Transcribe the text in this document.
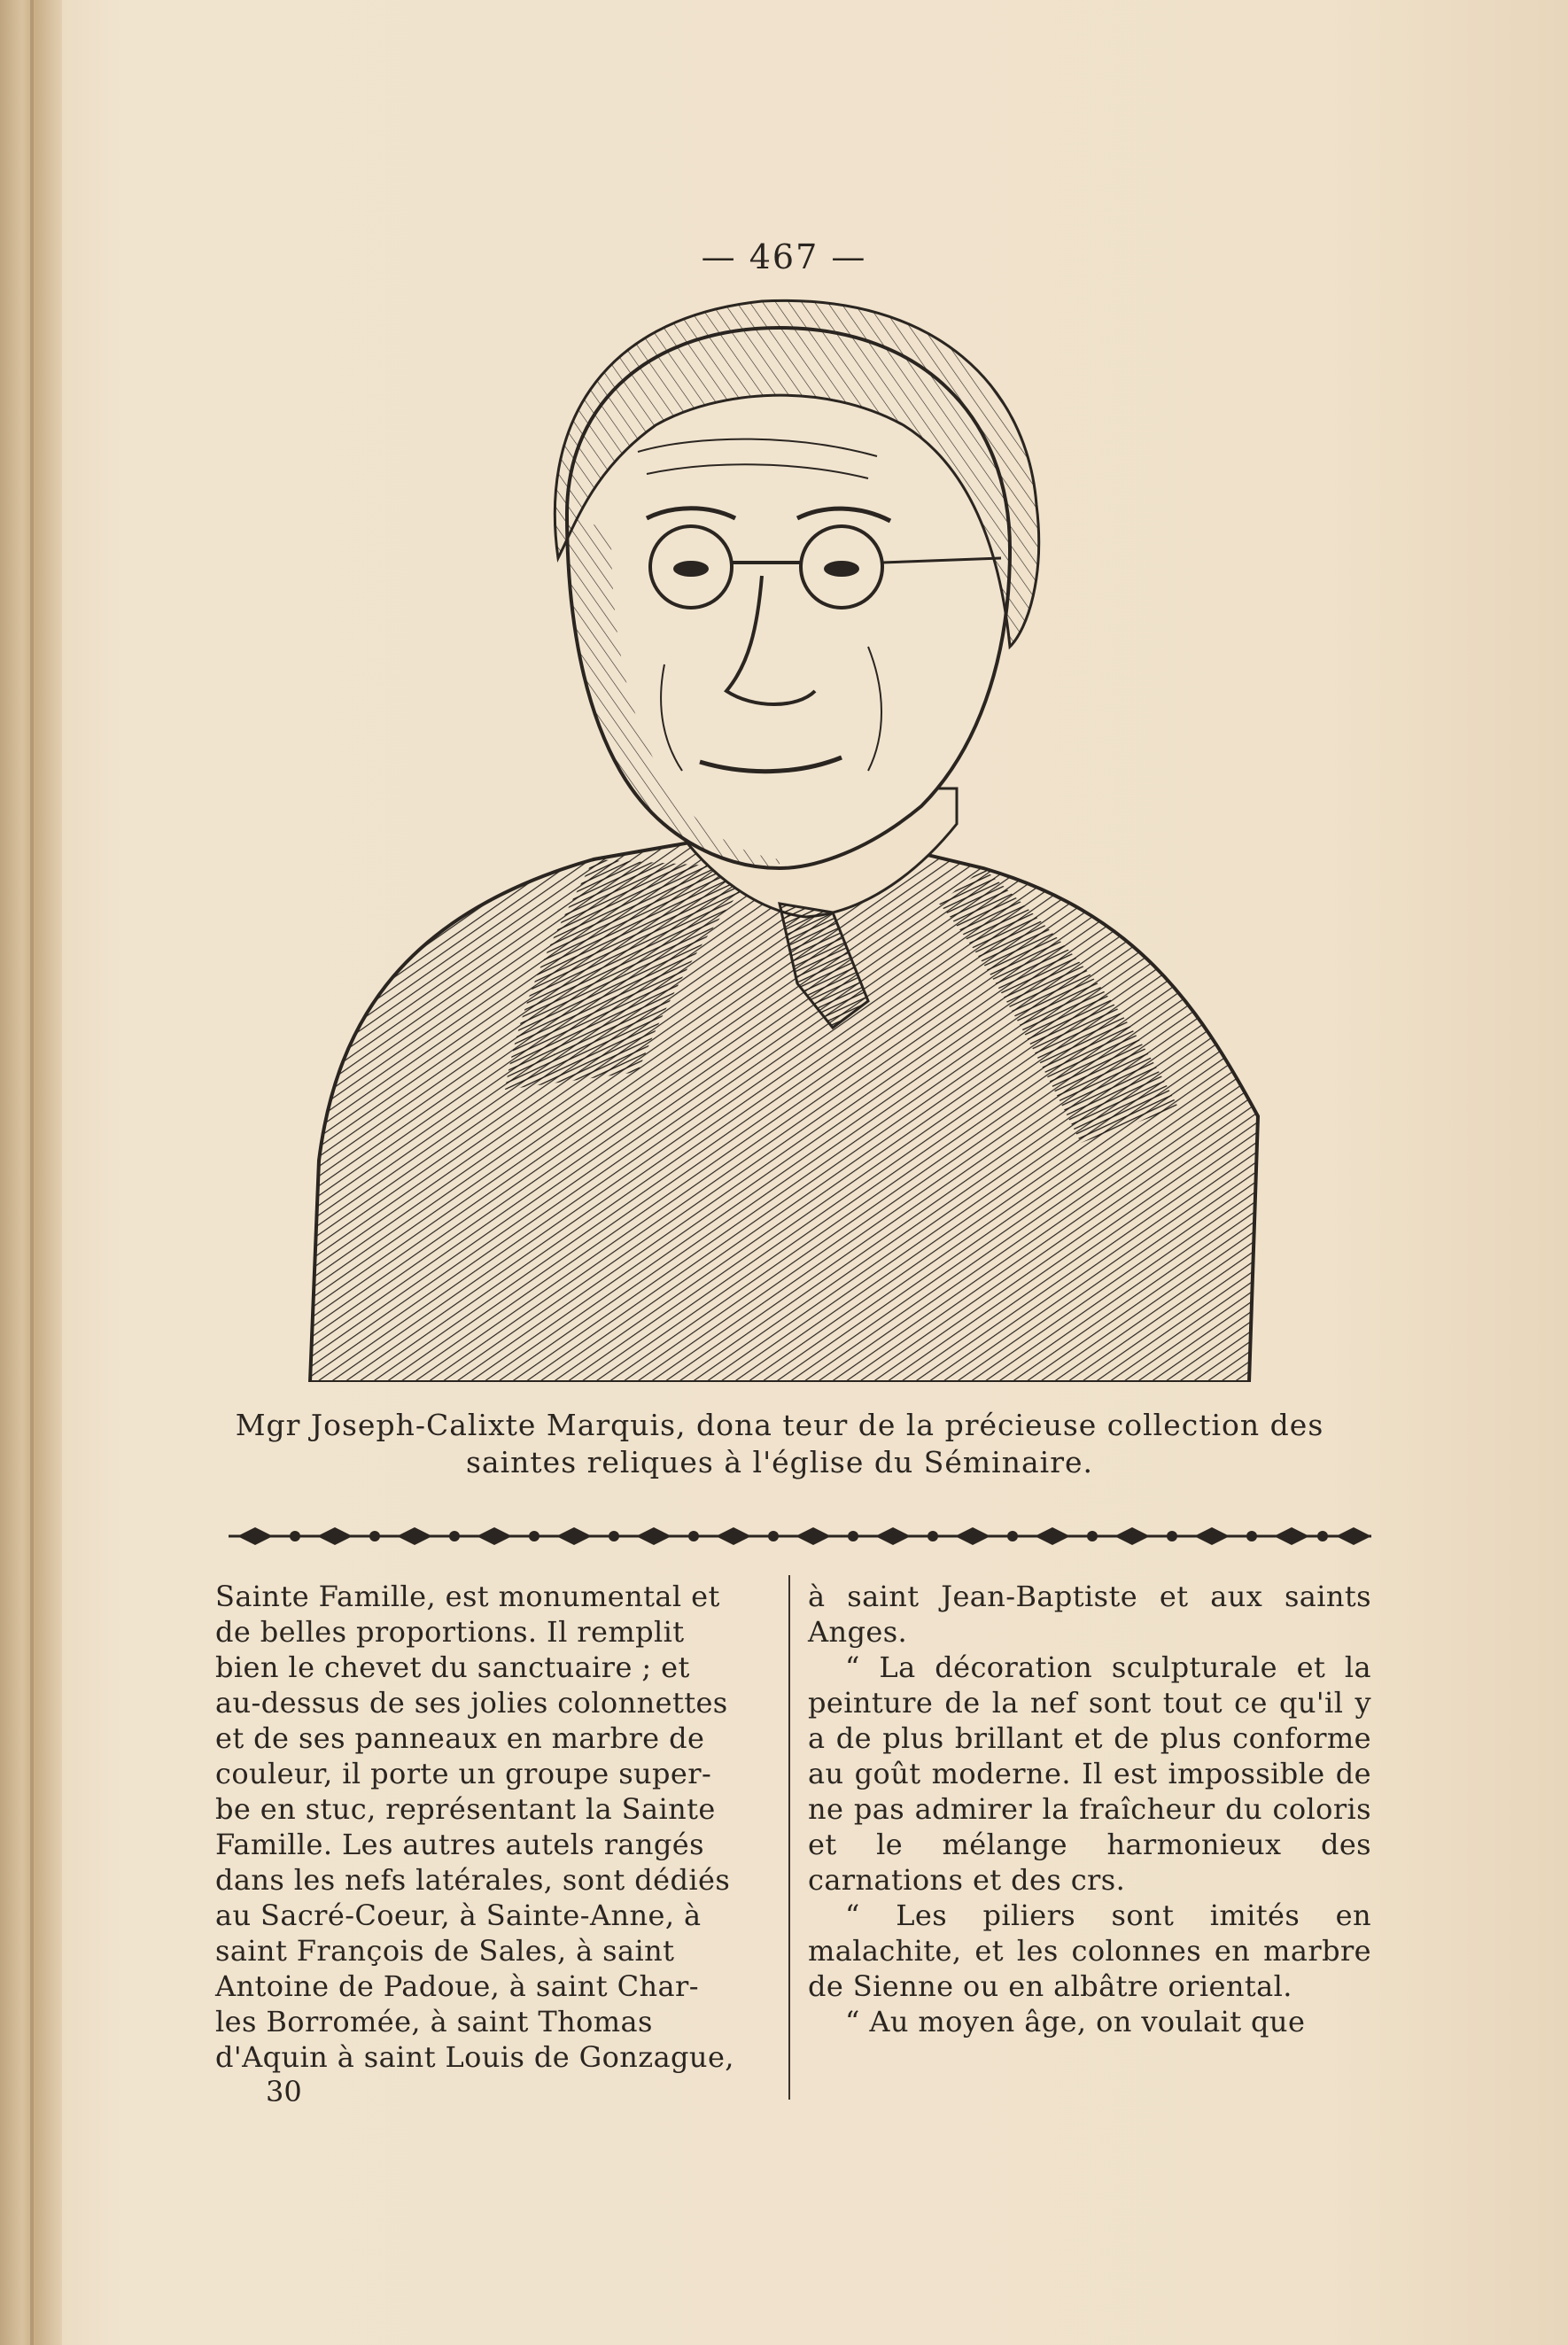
— 467 —
Mgr Joseph-Calixte Marquis, dona teur de la précieuse collection des
saintes reliques à l'église du Séminaire.

Sainte Famille, est monumental et

de belles proportions. Il remplit

bien le chevet du sanctuaire ; et

au-dessus de ses jolies colonnettes

et de ses panneaux en marbre de

couleur, il porte un groupe super-

be en stuc, représentant la Sainte

Famille. Les autres autels rangés

dans les nefs latérales, sont dédiés

au Sacré-Coeur, à Sainte-Anne, à

saint François de Sales, à saint

Antoine de Padoue, à saint Char-

les Borromée, à saint Thomas

d'Aquin à saint Louis de Gonzague,

à saint Jean-Baptiste et aux saints Anges.

“ La décoration sculpturale et la peinture de la nef sont tout ce qu'il y a de plus brillant et de plus conforme au goût moderne. Il est impossible de ne pas admirer la fraîcheur du coloris et le mélange harmonieux des carnations et des crs.

“ Les piliers sont imités en malachite, et les colonnes en marbre de Sienne ou en albâtre oriental.

“ Au moyen âge, on voulait que

30
